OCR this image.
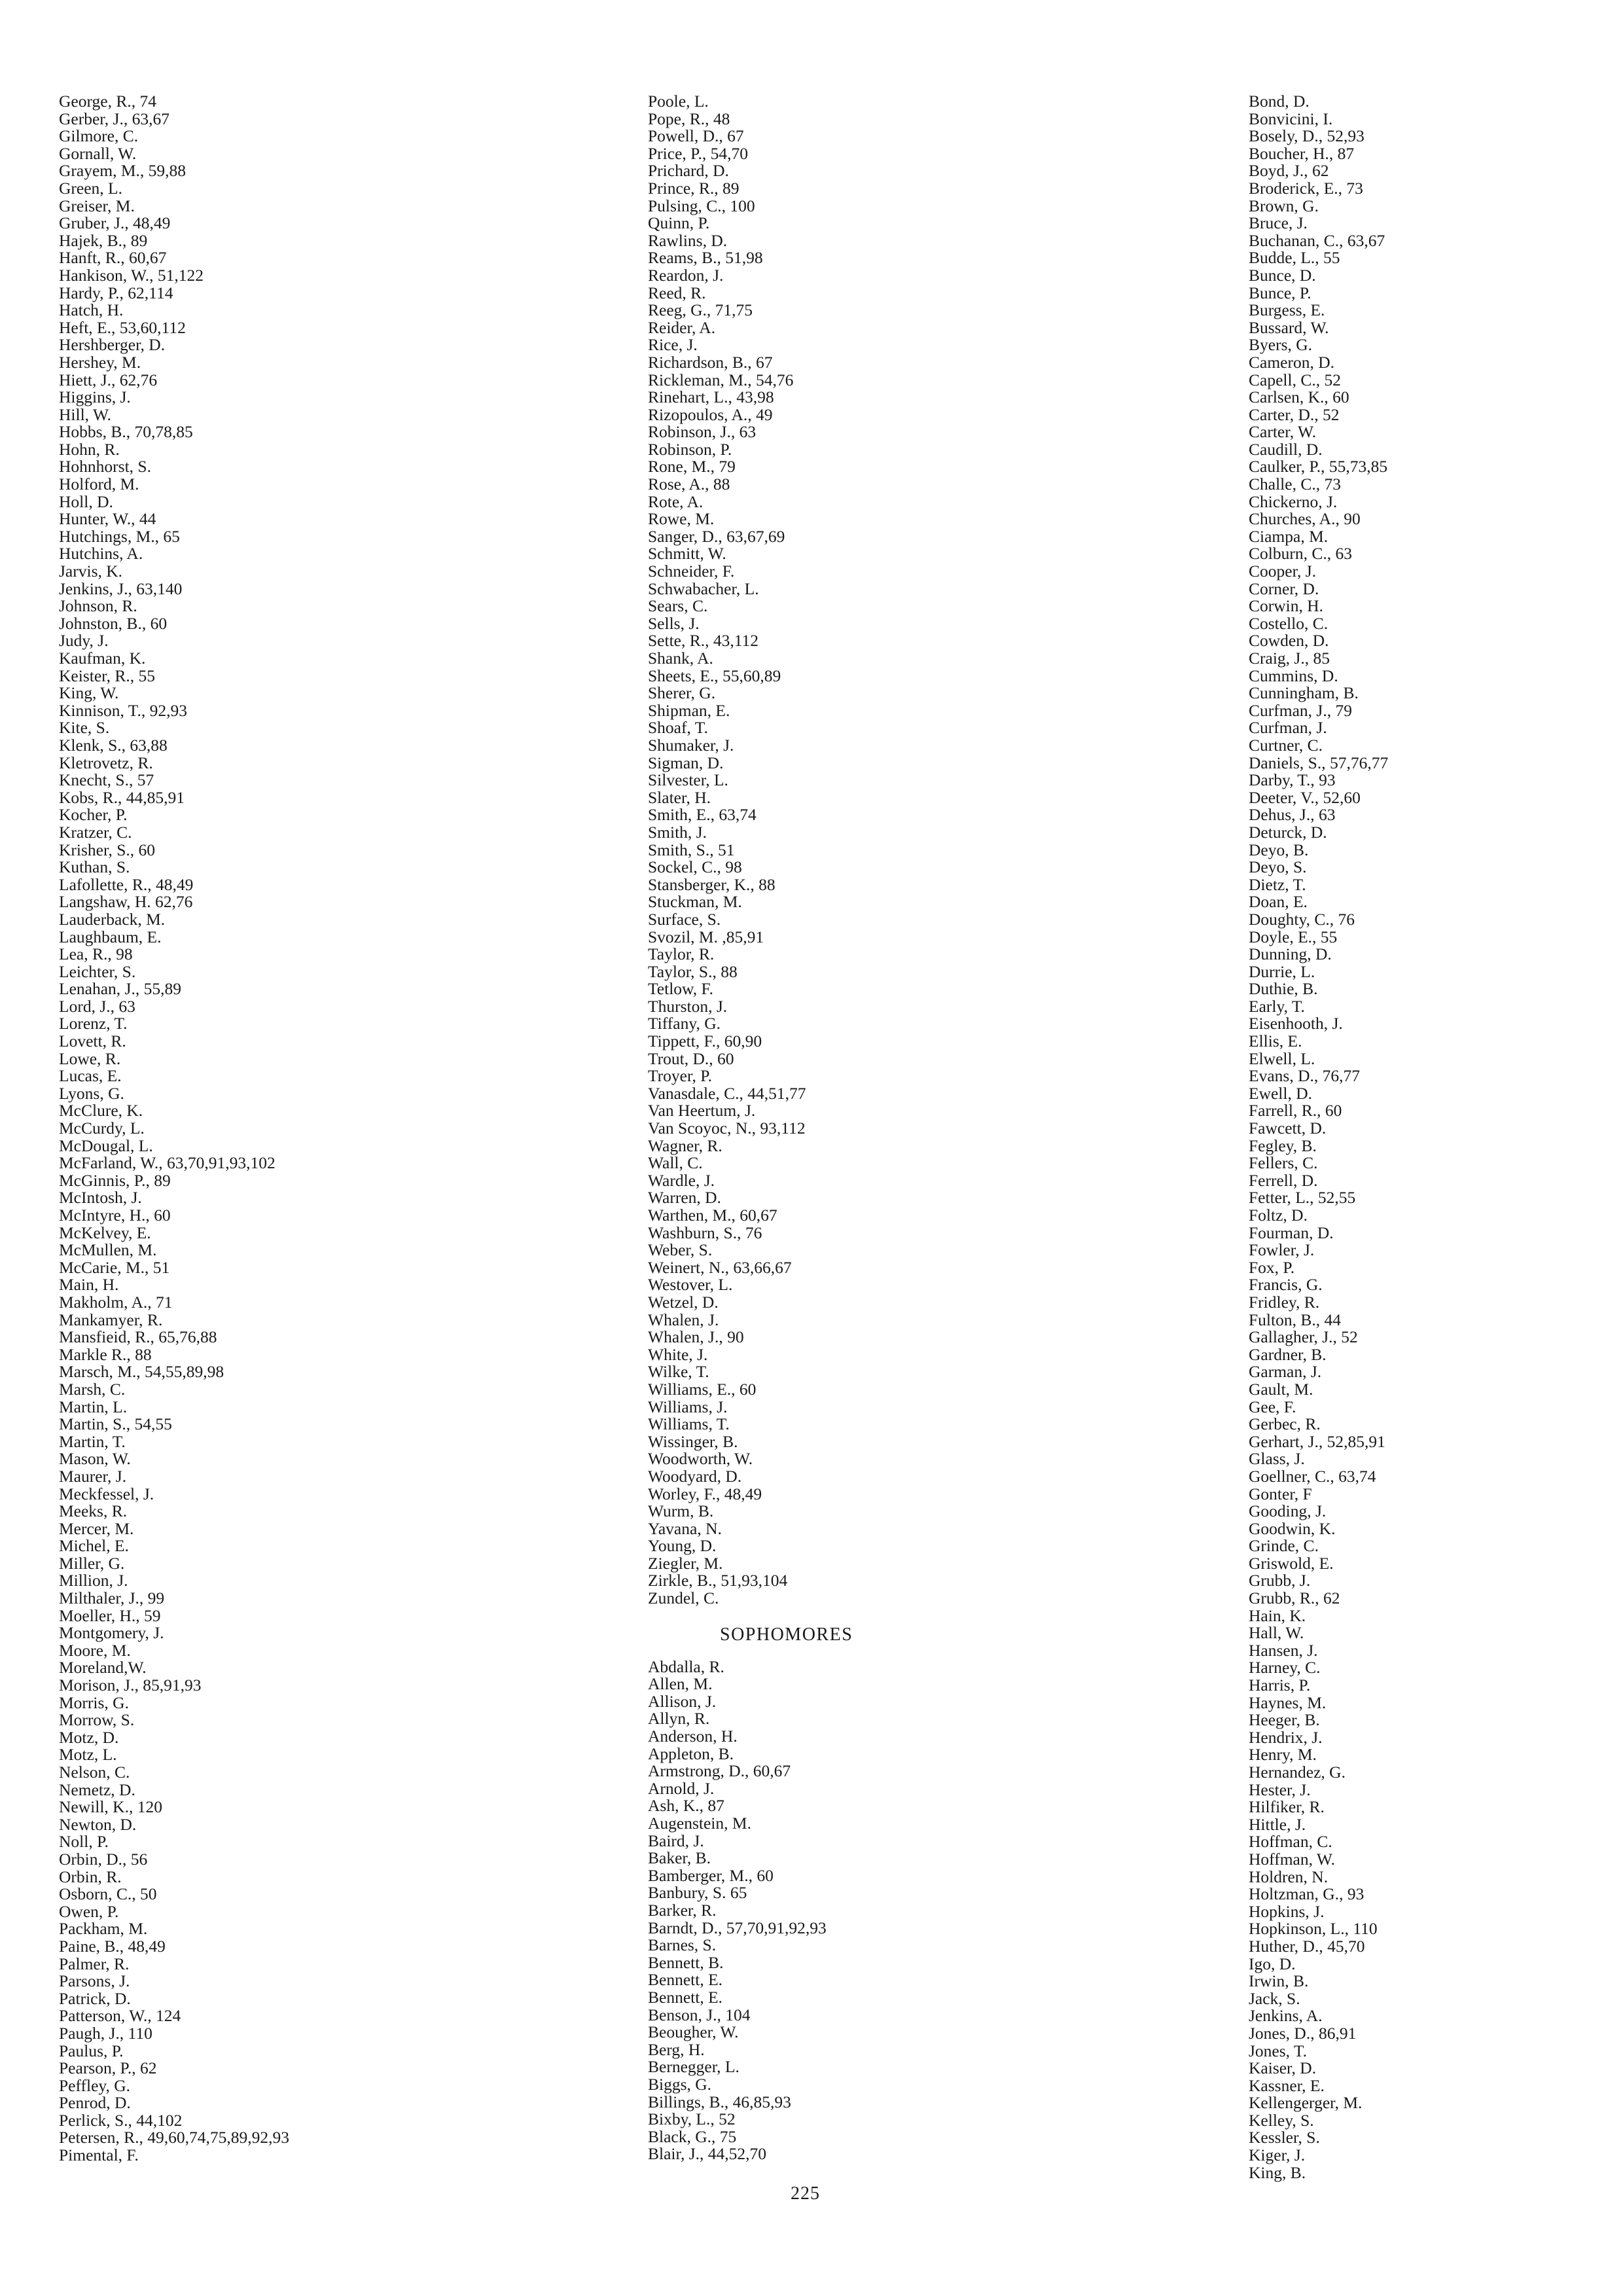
George, R., 74
Gerber, J., 63,67
Gilmore, C.
Gornall, W.
Grayem, M., 59,88
Green, L.
Greiser, M.
Gruber, J., 48,49
Hajek, B., 89
Hanft, R., 60,67
Hankison, W., 51,122
Hardy, P., 62,114
Hatch, H.
Heft, E., 53,60,112
Hershberger, D.
Hershey, M.
Hiett, J., 62,76
Higgins, J.
Hill, W.
Hobbs, B., 70,78,85
Hohn, R.
Hohnhorst, S.
Holford, M.
Holl, D.
Hunter, W., 44
Hutchings, M., 65
Hutchins, A.
Jarvis, K.
Jenkins, J., 63,140
Johnson, R.
Johnston, B., 60
Judy, J.
Kaufman, K.
Keister, R., 55
King, W.
Kinnison, T., 92,93
Kite, S.
Klenk, S., 63,88
Kletrovetz, R.
Knecht, S., 57
Kobs, R., 44,85,91
Kocher, P.
Kratzer, C.
Krisher, S., 60
Kuthan, S.
Lafollette, R., 48,49
Langshaw, H. 62,76
Lauderback, M.
Laughbaum, E.
Lea, R., 98
Leichter, S.
Lenahan, J., 55,89
Lord, J., 63
Lorenz, T.
Lovett, R.
Lowe, R.
Lucas, E.
Lyons, G.
McClure, K.
McCurdy, L.
McDougal, L.
McFarland, W., 63,70,91,93,102
McGinnis, P., 89
McIntosh, J.
McIntyre, H., 60
McKelvey, E.
McMullen, M.
McCarie, M., 51
Main, H.
Makholm, A., 71
Mankamyer, R.
Mansfieid, R., 65,76,88
Markle R., 88
Marsch, M., 54,55,89,98
Marsh, C.
Martin, L.
Martin, S., 54,55
Martin, T.
Mason, W.
Maurer, J.
Meckfessel, J.
Meeks, R.
Mercer, M.
Michel, E.
Miller, G.
Million, J.
Milthaler, J., 99
Moeller, H., 59
Montgomery, J.
Moore, M.
Moreland,W.
Morison, J., 85,91,93
Morris, G.
Morrow, S.
Motz, D.
Motz, L.
Nelson, C.
Nemetz, D.
Newill, K., 120
Newton, D.
Noll, P.
Orbin, D., 56
Orbin, R.
Osborn, C., 50
Owen, P.
Packham, M.
Paine, B., 48,49
Palmer, R.
Parsons, J.
Patrick, D.
Patterson, W., 124
Paugh, J., 110
Paulus, P.
Pearson, P., 62
Peffley, G.
Penrod, D.
Perlick, S., 44,102
Petersen, R., 49,60,74,75,89,92,93
Pimental, F.
Poole, L.
Pope, R., 48
Powell, D., 67
Price, P., 54,70
Prichard, D.
Prince, R., 89
Pulsing, C., 100
Quinn, P.
Rawlins, D.
Reams, B., 51,98
Reardon, J.
Reed, R.
Reeg, G., 71,75
Reider, A.
Rice, J.
Richardson, B., 67
Rickleman, M., 54,76
Rinehart, L., 43,98
Rizopoulos, A., 49
Robinson, J., 63
Robinson, P.
Rone, M., 79
Rose, A., 88
Rote, A.
Rowe, M.
Sanger, D., 63,67,69
Schmitt, W.
Schneider, F.
Schwabacher, L.
Sears, C.
Sells, J.
Sette, R., 43,112
Shank, A.
Sheets, E., 55,60,89
Sherer, G.
Shipman, E.
Shoaf, T.
Shumaker, J.
Sigman, D.
Silvester, L.
Slater, H.
Smith, E., 63,74
Smith, J.
Smith, S., 51
Sockel, C., 98
Stansberger, K., 88
Stuckman, M.
Surface, S.
Svozil, M. ,85,91
Taylor, R.
Taylor, S., 88
Tetlow, F.
Thurston, J.
Tiffany, G.
Tippett, F., 60,90
Trout, D., 60
Troyer, P.
Vanasdale, C., 44,51,77
Van Heertum, J.
Van Scoyoc, N., 93,112
Wagner, R.
Wall, C.
Wardle, J.
Warren, D.
Warthen, M., 60,67
Washburn, S., 76
Weber, S.
Weinert, N., 63,66,67
Westover, L.
Wetzel, D.
Whalen, J.
Whalen, J., 90
White, J.
Wilke, T.
Williams, E., 60
Williams, J.
Williams, T.
Wissinger, B.
Woodworth, W.
Woodyard, D.
Worley, F., 48,49
Wurm, B.
Yavana, N.
Young, D.
Ziegler, M.
Zirkle, B., 51,93,104
Zundel, C.
SOPHOMORES
Abdalla, R.
Allen, M.
Allison, J.
Allyn, R.
Anderson, H.
Appleton, B.
Armstrong, D., 60,67
Arnold, J.
Ash, K., 87
Augenstein, M.
Baird, J.
Baker, B.
Bamberger, M., 60
Banbury, S. 65
Barker, R.
Barndt, D., 57,70,91,92,93
Barnes, S.
Bennett, B.
Bennett, E.
Bennett, E.
Benson, J., 104
Beougher, W.
Berg, H.
Bernegger, L.
Biggs, G.
Billings, B., 46,85,93
Bixby, L., 52
Black, G., 75
Blair, J., 44,52,70
Bond, D.
Bonvicini, I.
Bosely, D., 52,93
Boucher, H., 87
Boyd, J., 62
Broderick, E., 73
Brown, G.
Bruce, J.
Buchanan, C., 63,67
Budde, L., 55
Bunce, D.
Bunce, P.
Burgess, E.
Bussard, W.
Byers, G.
Cameron, D.
Capell, C., 52
Carlsen, K., 60
Carter, D., 52
Carter, W.
Caudill, D.
Caulker, P., 55,73,85
Challe, C., 73
Chickerno, J.
Churches, A., 90
Ciampa, M.
Colburn, C., 63
Cooper, J.
Corner, D.
Corwin, H.
Costello, C.
Cowden, D.
Craig, J., 85
Cummins, D.
Cunningham, B.
Curfman, J., 79
Curfman, J.
Curtner, C.
Daniels, S., 57,76,77
Darby, T., 93
Deeter, V., 52,60
Dehus, J., 63
Deturck, D.
Deyo, B.
Deyo, S.
Dietz, T.
Doan, E.
Doughty, C., 76
Doyle, E., 55
Dunning, D.
Durrie, L.
Duthie, B.
Early, T.
Eisenhooth, J.
Ellis, E.
Elwell, L.
Evans, D., 76,77
Ewell, D.
Farrell, R., 60
Fawcett, D.
Fegley, B.
Fellers, C.
Ferrell, D.
Fetter, L., 52,55
Foltz, D.
Fourman, D.
Fowler, J.
Fox, P.
Francis, G.
Fridley, R.
Fulton, B., 44
Gallagher, J., 52
Gardner, B.
Garman, J.
Gault, M.
Gee, F.
Gerbec, R.
Gerhart, J., 52,85,91
Glass, J.
Goellner, C., 63,74
Gonter, F
Gooding, J.
Goodwin, K.
Grinde, C.
Griswold, E.
Grubb, J.
Grubb, R., 62
Hain, K.
Hall, W.
Hansen, J.
Harney, C.
Harris, P.
Haynes, M.
Heeger, B.
Hendrix, J.
Henry, M.
Hernandez, G.
Hester, J.
Hilfiker, R.
Hittle, J.
Hoffman, C.
Hoffman, W.
Holdren, N.
Holtzman, G., 93
Hopkins, J.
Hopkinson, L., 110
Huther, D., 45,70
Igo, D.
Irwin, B.
Jack, S.
Jenkins, A.
Jones, D., 86,91
Jones, T.
Kaiser, D.
Kassner, E.
Kellengerger, M.
Kelley, S.
Kessler, S.
Kiger, J.
King, B.
225
